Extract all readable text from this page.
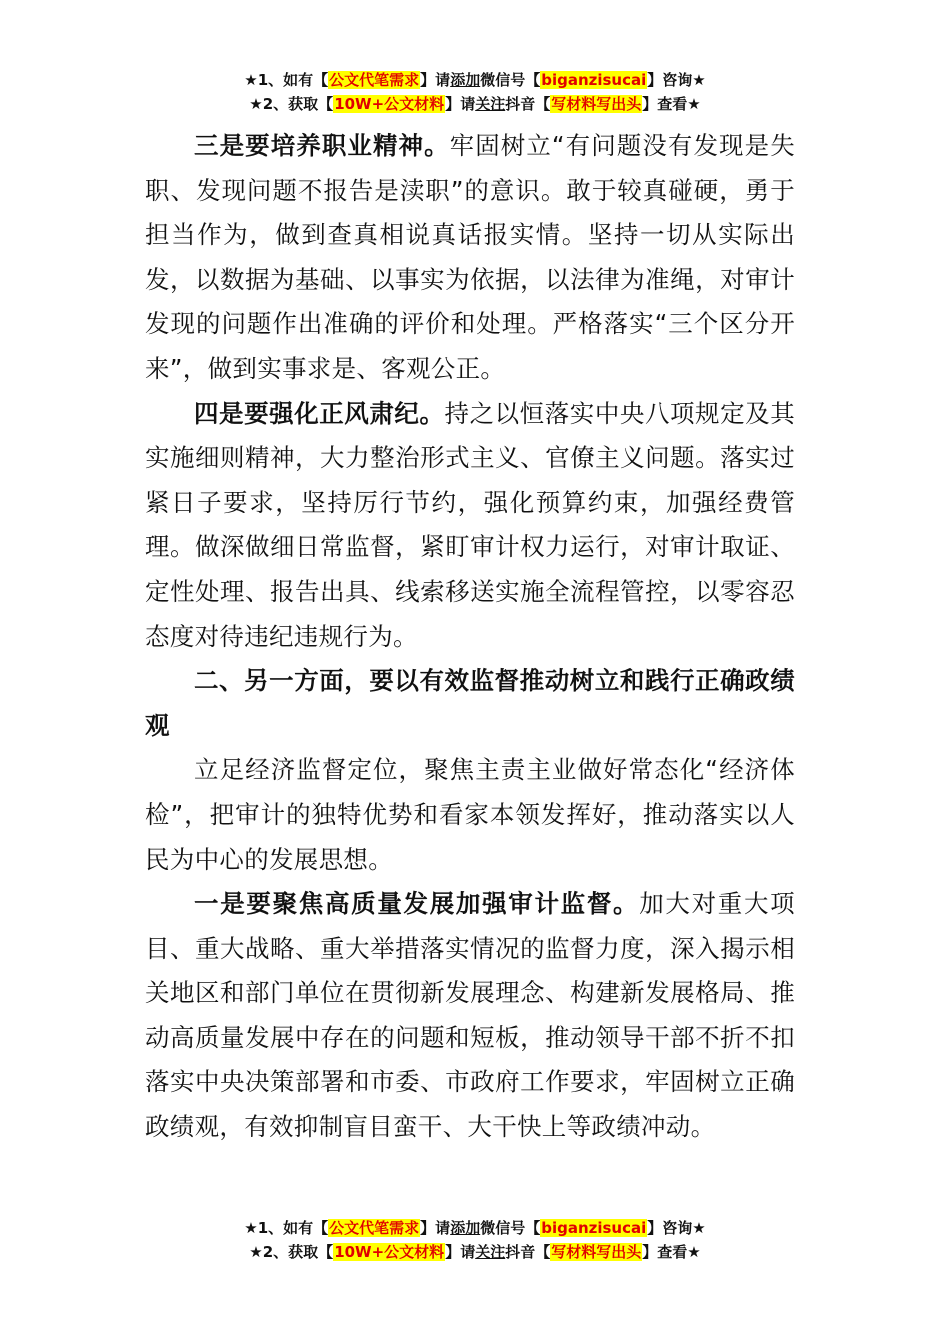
★1、如有【公文代笔需求】请添加微信号【biganzisucai】咨询★
★2、获取【10W+公文材料】请关注抖音【写材料写出头】查看★

三是要培养职业精神。牢固树立“有问题没有发现是失职、发现问题不报告是渎职”的意识。敢于较真碰硬，勇于担当作为，做到查真相说真话报实情。坚持一切从实际出发，以数据为基础、以事实为依据，以法律为准绳，对审计发现的问题作出准确的评价和处理。严格落实“三个区分开来”，做到实事求是、客观公正。

四是要强化正风肃纪。持之以恒落实中央八项规定及其实施细则精神，大力整治形式主义、官僚主义问题。落实过紧日子要求，坚持厉行节约，强化预算约束，加强经费管理。做深做细日常监督，紧盯审计权力运行，对审计取证、定性处理、报告出具、线索移送实施全流程管控，以零容忍态度对待违纪违规行为。

二、另一方面，要以有效监督推动树立和践行正确政绩观

立足经济监督定位，聚焦主责主业做好常态化“经济体检”，把审计的独特优势和看家本领发挥好，推动落实以人民为中心的发展思想。

一是要聚焦高质量发展加强审计监督。加大对重大项目、重大战略、重大举措落实情况的监督力度，深入揭示相关地区和部门单位在贯彻新发展理念、构建新发展格局、推动高质量发展中存在的问题和短板，推动领导干部不折不扣落实中央决策部署和市委、市政府工作要求，牢固树立正确政绩观，有效抑制盲目蛮干、大干快上等政绩冲动。

★1、如有【公文代笔需求】请添加微信号【biganzisucai】咨询★
★2、获取【10W+公文材料】请关注抖音【写材料写出头】查看★
